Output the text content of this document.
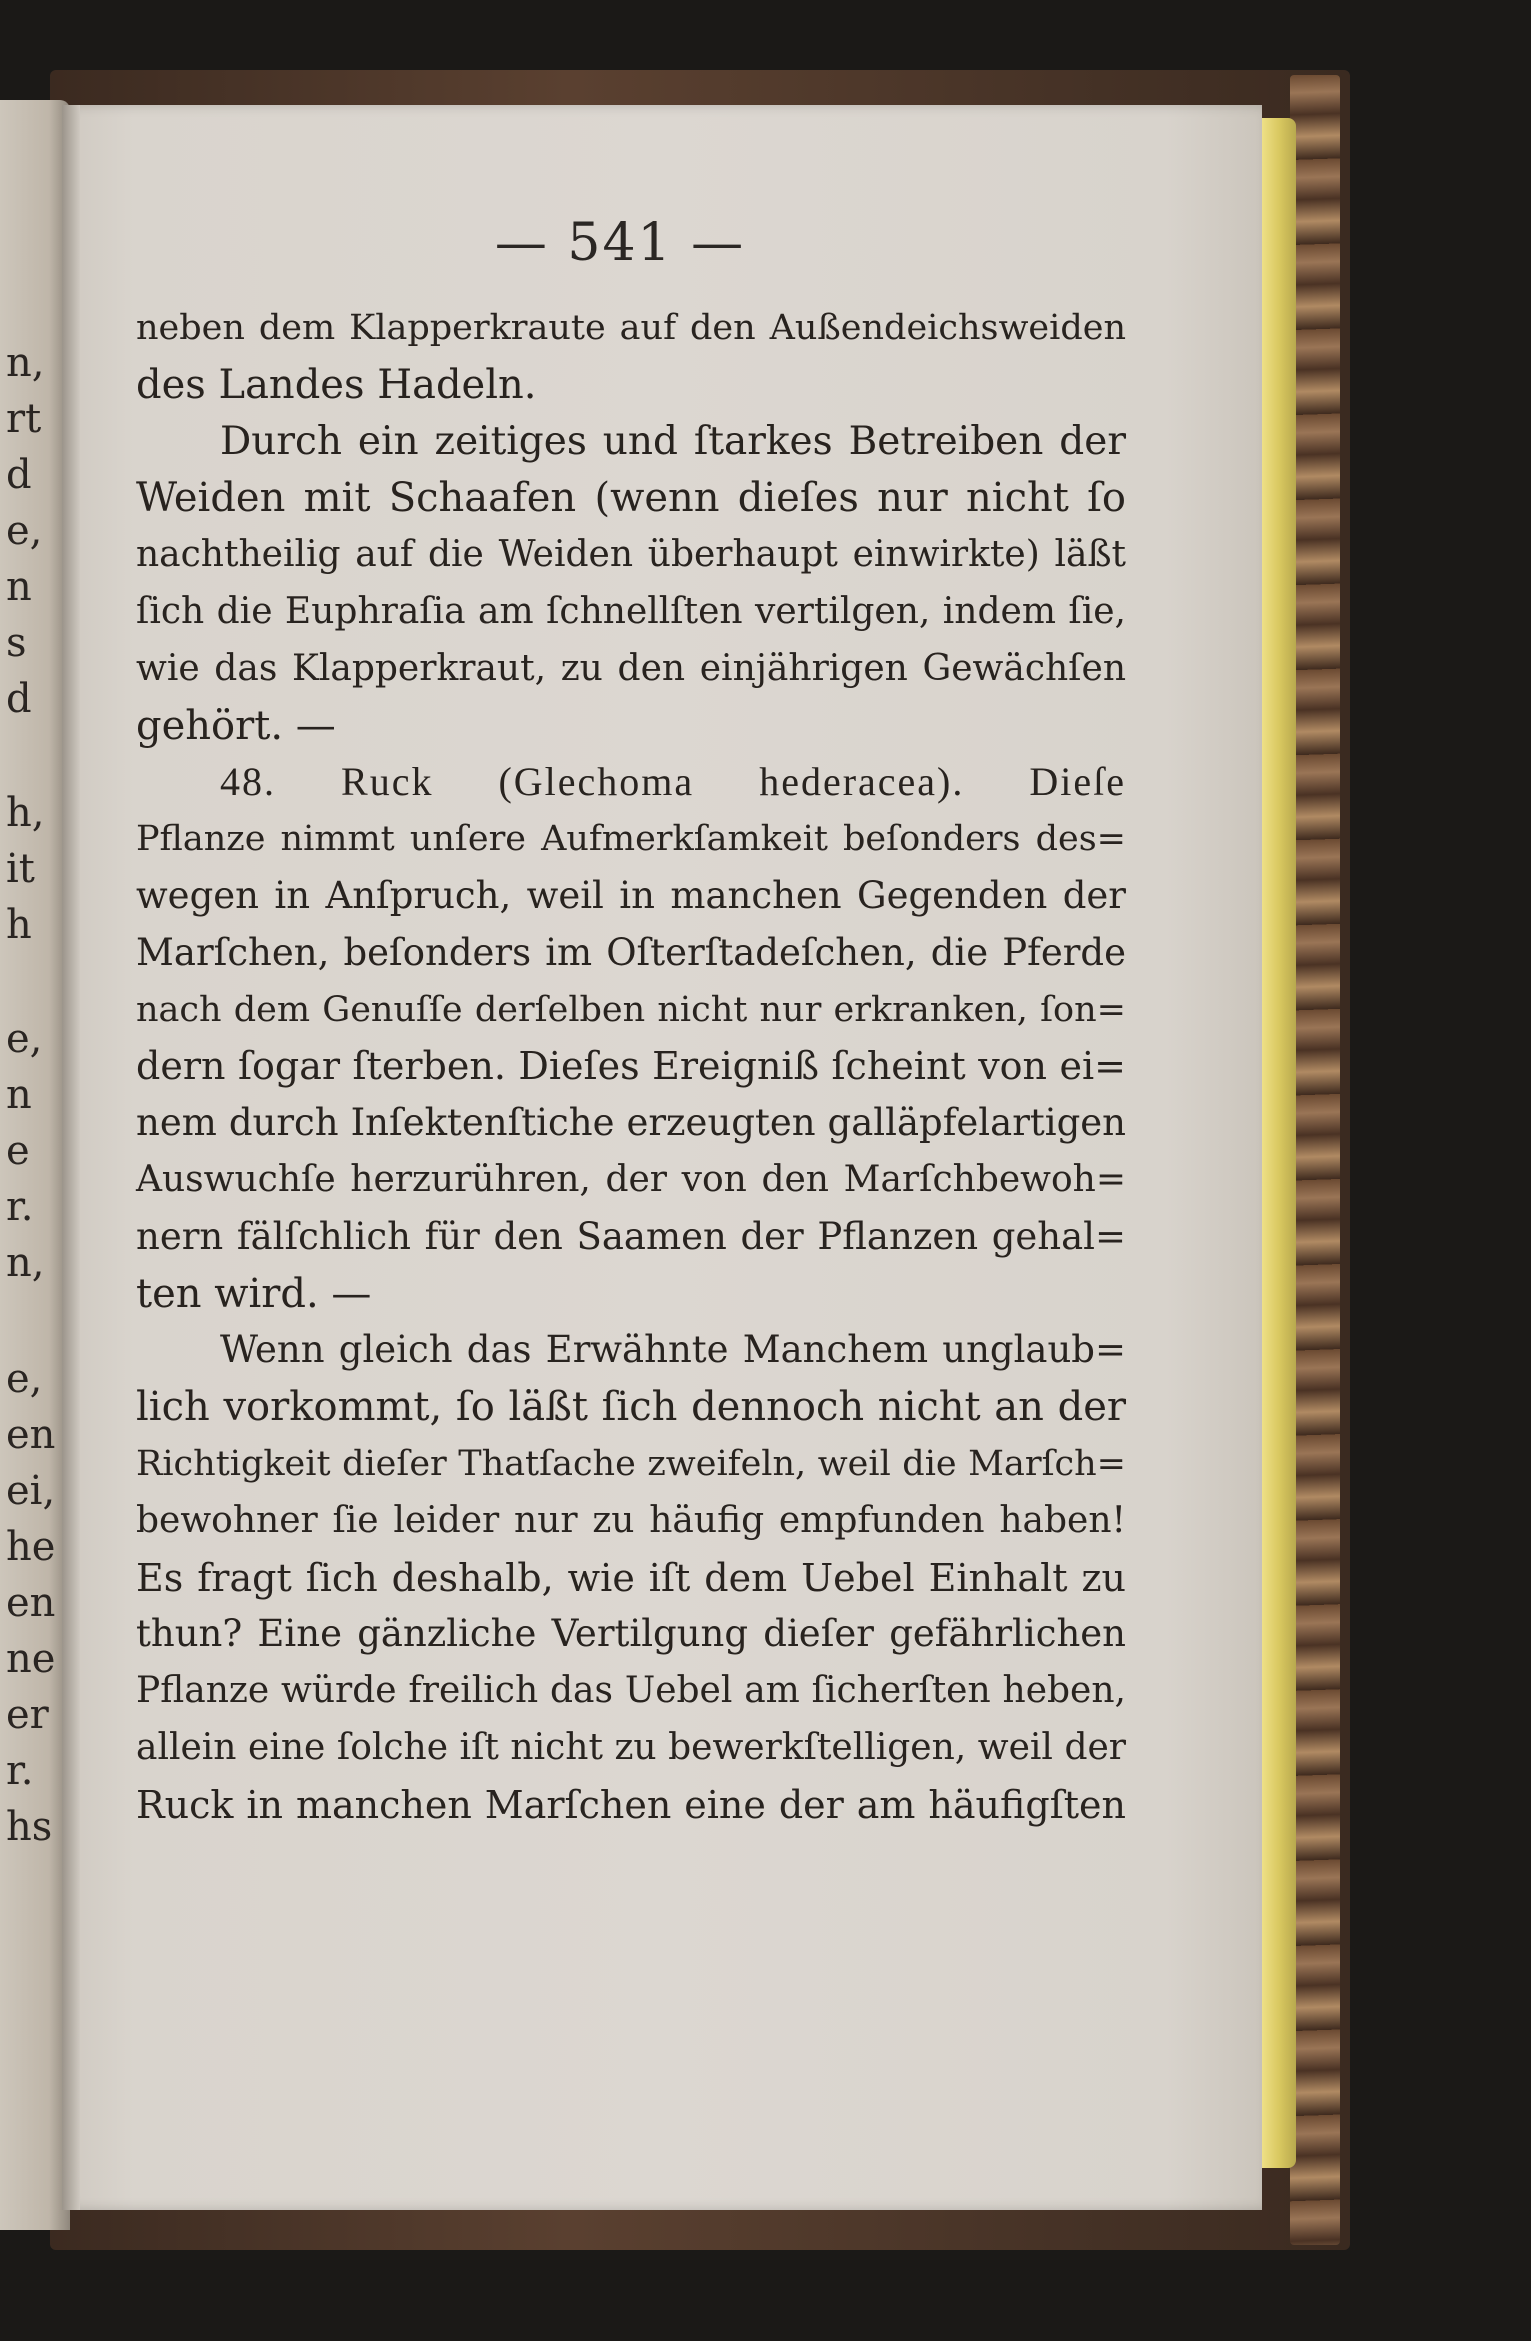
n,
rt
d
e,
n
s
d
h,
it
h
e,
n
e
r.
n,
e,
en
ei,
he
en
ne
er
r.
hs
— 541 —
neben dem Klapperkraute auf den Außendeichsweiden
des Landes Hadeln.
Durch ein zeitiges und ſtarkes Betreiben der
Weiden mit Schaafen (wenn dieſes nur nicht ſo
nachtheilig auf die Weiden überhaupt einwirkte) läßt
ſich die Euphraſia am ſchnellſten vertilgen, indem ſie,
wie das Klapperkraut, zu den einjährigen Gewächſen
gehört. —
48. Ruck (Glechoma hederacea). Dieſe
Pflanze nimmt unſere Aufmerkſamkeit beſonders des=
wegen in Anſpruch, weil in manchen Gegenden der
Marſchen, beſonders im Oſterſtadeſchen, die Pferde
nach dem Genuſſe derſelben nicht nur erkranken, ſon=
dern ſogar ſterben. Dieſes Ereigniß ſcheint von ei=
nem durch Inſektenſtiche erzeugten galläpfelartigen
Auswuchſe herzurühren, der von den Marſchbewoh=
nern fälſchlich für den Saamen der Pflanzen gehal=
ten wird. —
Wenn gleich das Erwähnte Manchem unglaub=
lich vorkommt, ſo läßt ſich dennoch nicht an der
Richtigkeit dieſer Thatſache zweifeln, weil die Marſch=
bewohner ſie leider nur zu häufig empfunden haben!
Es fragt ſich deshalb, wie iſt dem Uebel Einhalt zu
thun? Eine gänzliche Vertilgung dieſer gefährlichen
Pflanze würde freilich das Uebel am ſicherſten heben,
allein eine ſolche iſt nicht zu bewerkſtelligen, weil der
Ruck in manchen Marſchen eine der am häufigſten
